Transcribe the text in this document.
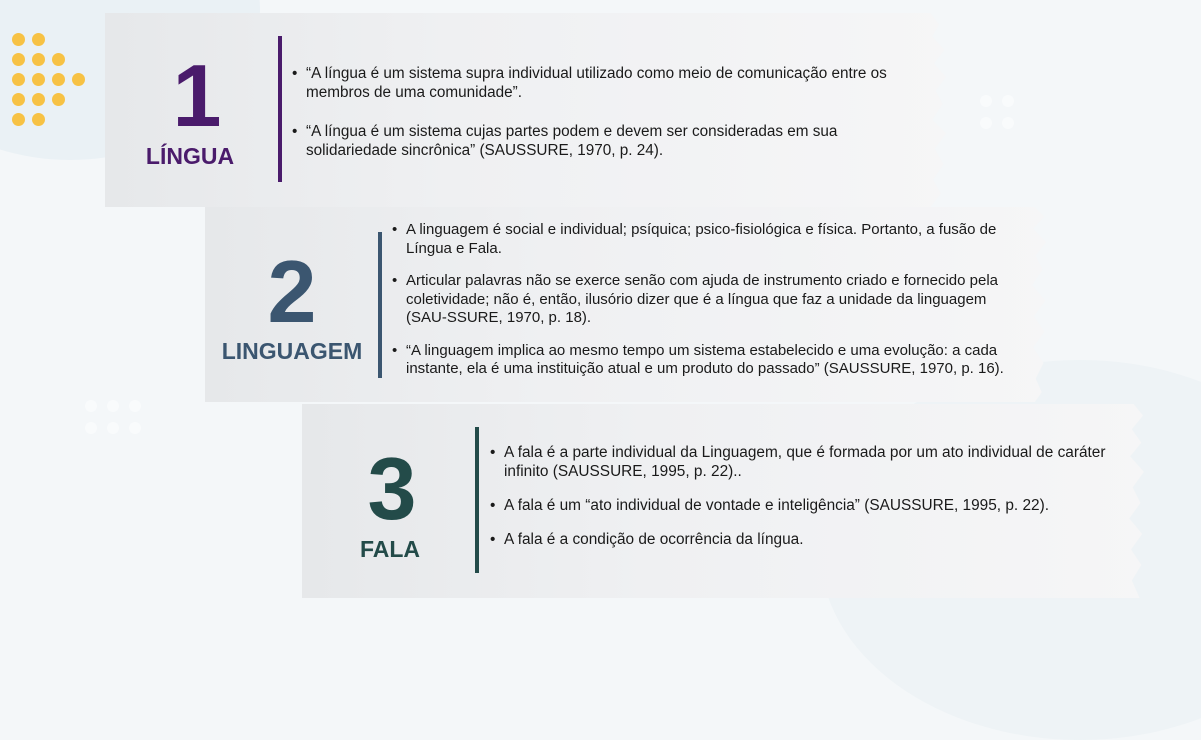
1
LÍNGUA
• “A língua é um sistema supra individual utilizado como meio de comunicação entre os membros de uma comunidade”.
• “A língua é um sistema cujas partes podem e devem ser consideradas em sua solidariedade sincrônica” (SAUSSURE, 1970, p. 24).
2
LINGUAGEM
• A linguagem é social e individual; psíquica; psico-fisiológica e física. Portanto, a fusão de Língua e Fala.
• Articular palavras não se exerce senão com ajuda de instrumento criado e fornecido pela coletividade; não é, então, ilusório dizer que é a língua que faz a unidade da linguagem (SAU-SSURE, 1970, p. 18).
• “A linguagem implica ao mesmo tempo um sistema estabelecido e uma evolução: a cada instante, ela é uma instituição atual e um produto do passado” (SAUSSURE, 1970, p. 16).
3
FALA
• A fala é a parte individual da Linguagem, que é formada por um ato individual de caráter infinito (SAUSSURE, 1995, p. 22)..
• A fala é um “ato individual de vontade e inteligência” (SAUSSURE, 1995, p. 22).
• A fala é a condição de ocorrência da língua.
